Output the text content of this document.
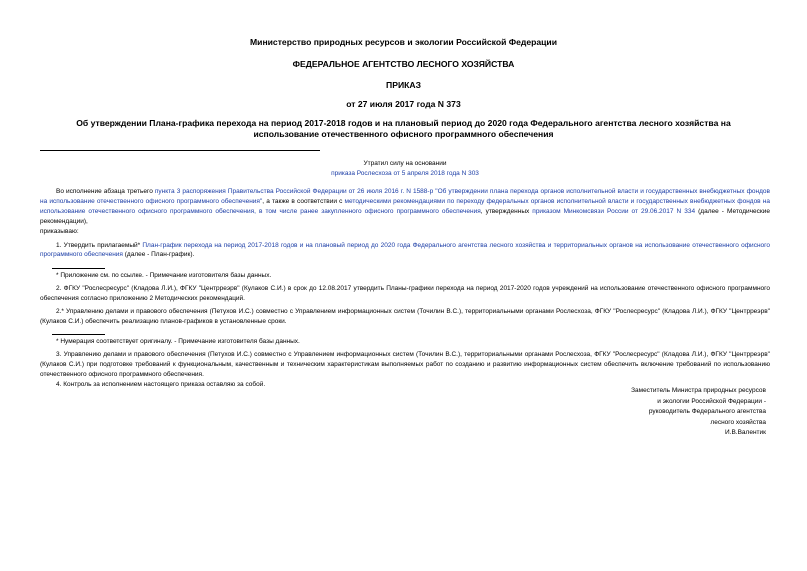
Министерство природных ресурсов и экологии Российской Федерации
ФЕДЕРАЛЬНОЕ АГЕНТСТВО ЛЕСНОГО ХОЗЯЙСТВА
ПРИКАЗ
от 27 июля 2017 года N 373
Об утверждении Плана-графика перехода на период 2017-2018 годов и на плановый период до 2020 года Федерального агентства лесного хозяйства на использование отечественного офисного программного обеспечения
Утратил силу на основании
приказа Рослесхоза от 5 апреля 2018 года N 303

Во исполнение абзаца третьего пункта 3 распоряжения Правительства Российской Федерации от 26 июля 2016 г. N 1588-р "Об утверждении плана перехода органов исполнительной власти и государственных внебюджетных фондов на использование отечественного офисного программного обеспечения", а также в соответствии с методическими рекомендациями по переходу федеральных органов исполнительной власти и государственных внебюджетных фондов на использование отечественного офисного программного обеспечения, в том числе ранее закупленного офисного программного обеспечения, утвержденных приказом Минкомсвязи России от 29.06.2017 N 334 (далее - Методические рекомендации),

приказываю:

1. Утвердить прилагаемый* План-график перехода на период 2017-2018 годов и на плановый период до 2020 года Федерального агентства лесного хозяйства и территориальных органов на использование отечественного офисного программного обеспечения (далее - План-график).

* Приложение см. по ссылке. - Примечание изготовителя базы данных.

2. ФГКУ "Рослесресурс" (Кладова Л.И.), ФГКУ "Центрреэрв" (Кулаков С.И.) в срок до 12.08.2017 утвердить Планы-графики перехода на период 2017-2020 годов учреждений на использование отечественного офисного программного обеспечения согласно приложению 2 Методических рекомендаций.

2.* Управлению делами и правового обеспечения (Петухов И.С.) совместно с Управлением информационных систем (Точилин В.С.), территориальными органами Рослесхоза, ФГКУ "Рослесресурс" (Кладова Л.И.), ФГКУ "Центрреэрв" (Кулаков С.И.) обеспечить реализацию планов-графиков в установленные сроки.

* Нумерация соответствует оригиналу. - Примечание изготовителя базы данных.

3. Управлению делами и правового обеспечения (Петухов И.С.) совместно с Управлением информационных систем (Точилин В.С.), территориальными органами Рослесхоза, ФГКУ "Рослесресурс" (Кладова Л.И.), ФГКУ "Центрреэрв" (Кулаков С.И.) при подготовке требований к функциональным, качественным и техническим характеристикам выполняемых работ по созданию и развитию информационных систем обеспечить включение требований по использованию отечественного офисного программного обеспечения.

4. Контроль за исполнением настоящего приказа оставляю за собой.

Заместитель Министра природных ресурсов
и экологии Российской Федерации -
руководитель Федерального агентства
лесного хозяйства
И.В.Валентик
